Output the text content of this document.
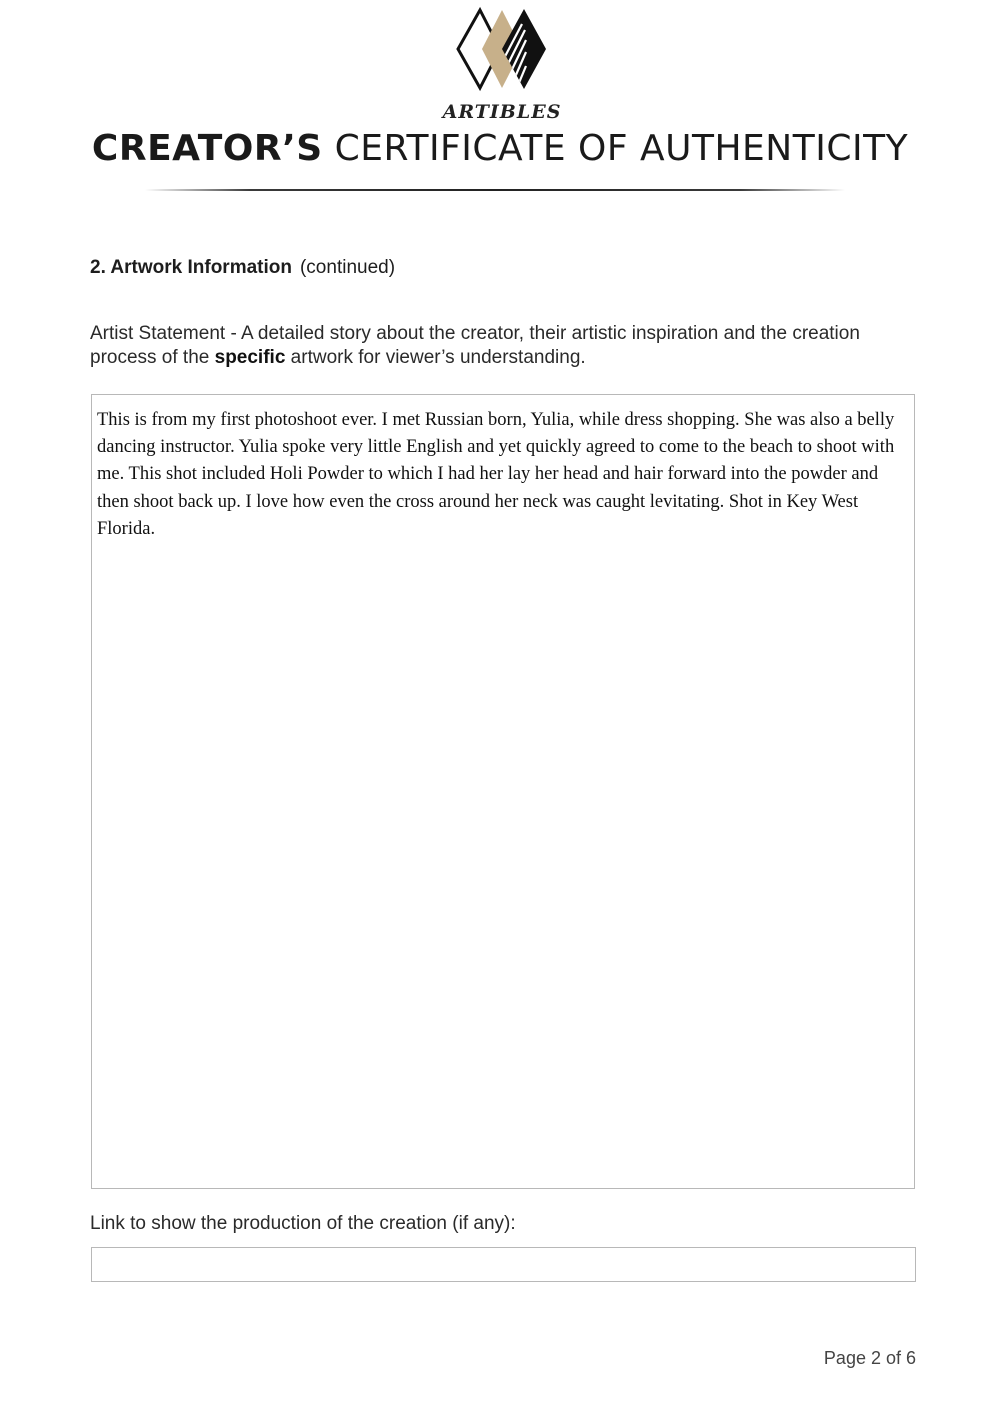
ARTIBLES
CREATOR’S CERTIFICATE OF AUTHENTICITY
2. Artwork Information (continued)
Artist Statement - A detailed story about the creator, their artistic inspiration and the creation process of the specific artwork for viewer’s understanding.
This is from my first photoshoot ever. I met Russian born, Yulia, while dress shopping. She was also a belly dancing instructor. Yulia spoke very little English and yet quickly agreed to come to the beach to shoot with me. This shot included Holi Powder to which I had her lay her head and hair forward into the powder and then shoot back up. I love how even the cross around her neck was caught levitating. Shot in Key West Florida.
Link to show the production of the creation (if any):
Page 2 of 6
